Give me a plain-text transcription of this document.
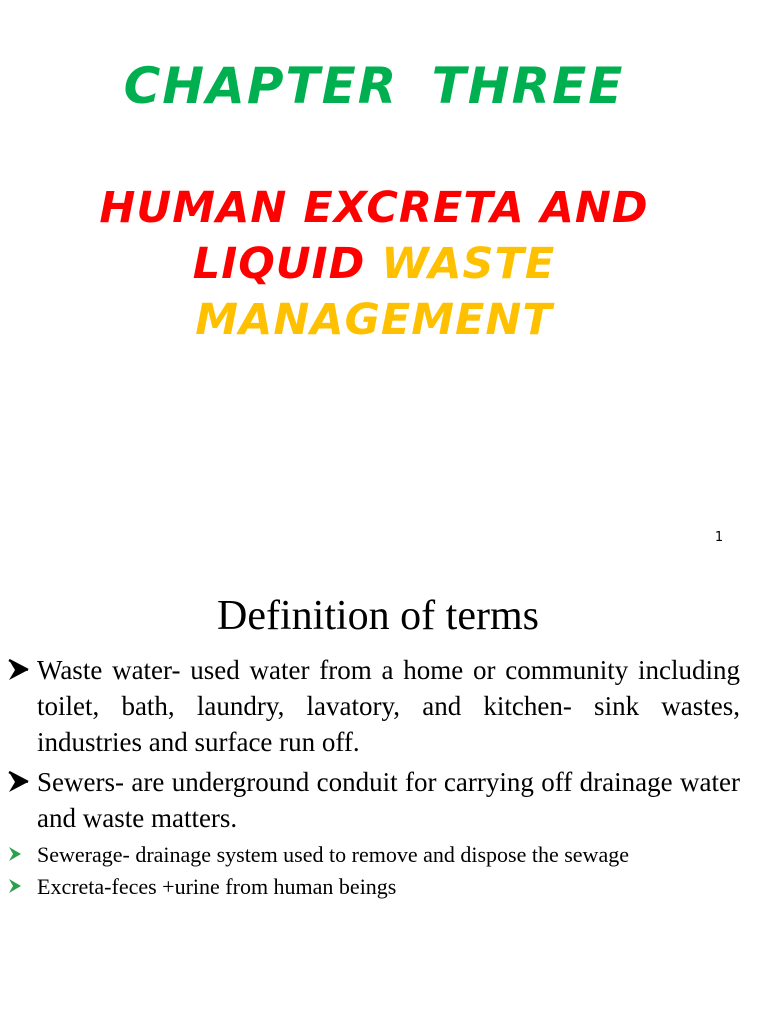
CHAPTER THREE
HUMAN EXCRETA AND
LIQUID WASTE
MANAGEMENT
1
Definition of terms
Waste water- used water from a home or community including toilet, bath, laundry, lavatory, and kitchen- sink wastes, industries and surface run off.
Sewers- are underground conduit for carrying off drainage water and waste matters.
Sewerage- drainage system used to remove and dispose the sewage
Excreta-feces +urine from human beings
